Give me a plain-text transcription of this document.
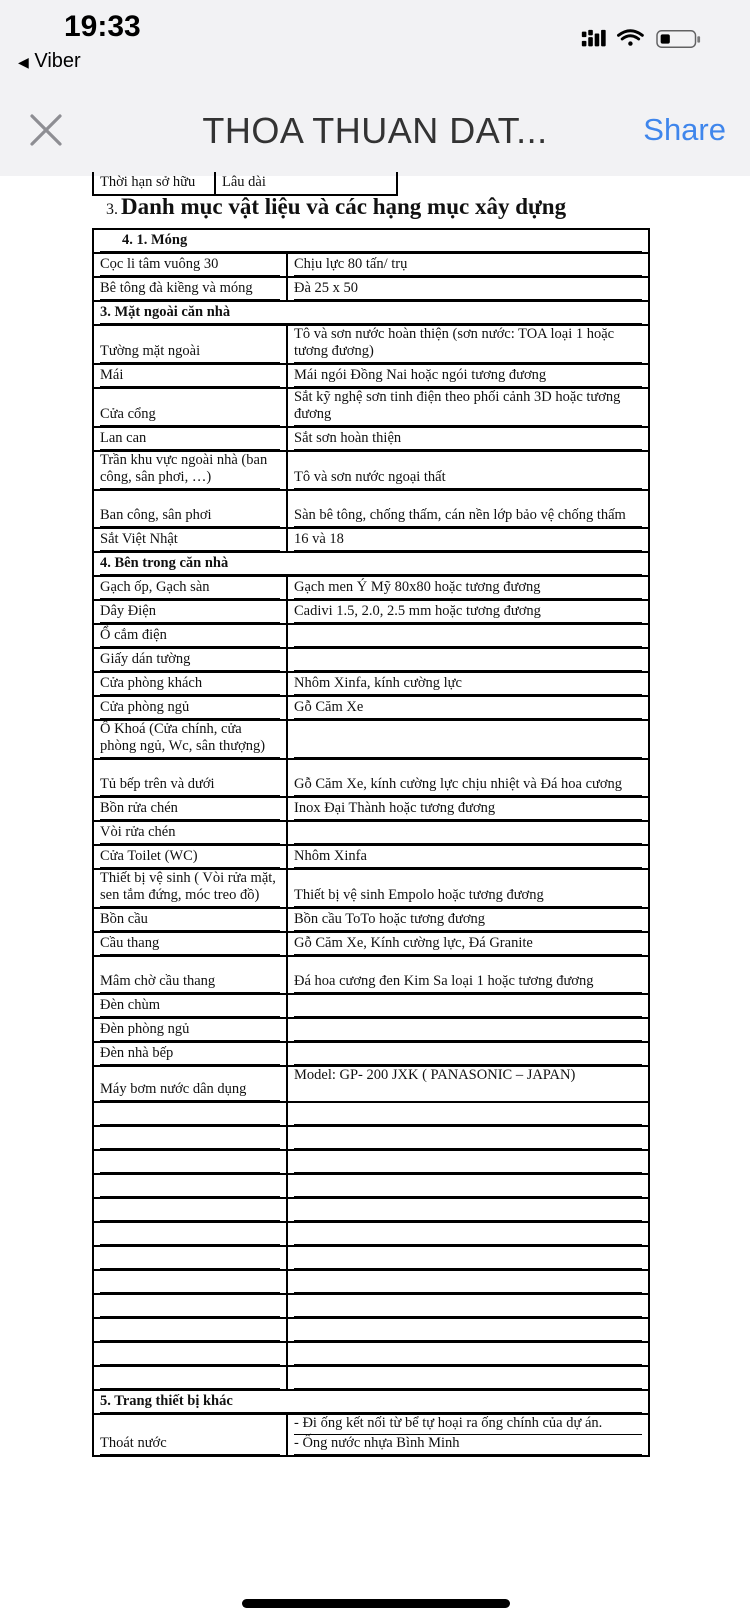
19:33
◀ Viber
THOA THUAN DAT...	Share
Thời hạn sở hữu	Lâu dài
3. Danh mục vật liệu và các hạng mục xây dựng
4. 1. Móng	

Cọc li tâm vuông 30	Chịu lực 80 tấn/ trụ

Bê tông đà kiềng và móng	Đà 25 x 50

3. Mặt ngoài căn nhà	

Tường mặt ngoài	Tô và sơn nước hoàn thiện (sơn nước: TOA loại 1 hoặc tương đương)

Mái	Mái ngói Đồng Nai hoặc ngói tương đương

Cửa cổng	Sắt kỹ nghệ sơn tinh điện theo phối cảnh 3D hoặc tương đương

Lan can	Sắt sơn hoàn thiện

Trần khu vực ngoài nhà (ban công, sân phơi, …)	Tô và sơn nước ngoại thất

Ban công, sân phơi	Sàn bê tông, chống thấm, cán nền lớp bảo vệ chống thấm

Sắt Việt Nhật	16 và 18

4. Bên trong căn nhà	

Gạch ốp, Gạch sàn	Gạch men Ý Mỹ 80x80 hoặc tương đương

Dây Điện	Cadivi 1.5, 2.0, 2.5 mm hoặc tương đương

Ổ cắm điện	

Giấy dán tường	

Cửa phòng khách	Nhôm Xinfa, kính cường lực

Cửa phòng ngủ	Gỗ Căm Xe

Ổ Khoá (Cửa chính, cửa phòng ngủ, Wc, sân thượng)	

Tủ bếp trên và dưới	Gỗ Căm Xe, kính cường lực chịu nhiệt và Đá hoa cương

Bồn rửa chén	Inox Đại Thành hoặc tương đương

Vòi rửa chén	

Cửa Toilet (WC)	Nhôm Xinfa

Thiết bị vệ sinh ( Vòi rửa mặt, sen tắm đứng, móc treo đồ)	Thiết bị vệ sinh Empolo hoặc tương đương

Bồn cầu	Bồn cầu ToTo hoặc tương đương

Cầu thang	Gỗ Căm Xe, Kính cường lực, Đá Granite

Mâm chờ cầu thang	Đá hoa cương đen Kim Sa loại 1 hoặc tương đương

Đèn chùm	

Đèn phòng ngủ	

Đèn nhà bếp	

Máy bơm nước dân dụng	Model: GP- 200 JXK ( PANASONIC – JAPAN)

5. Trang thiết bị khác	

Thoát nước	- Đi ống kết nối từ bể tự hoại ra ống chính của dự án.
- Ống nước nhựa Bình Minh
